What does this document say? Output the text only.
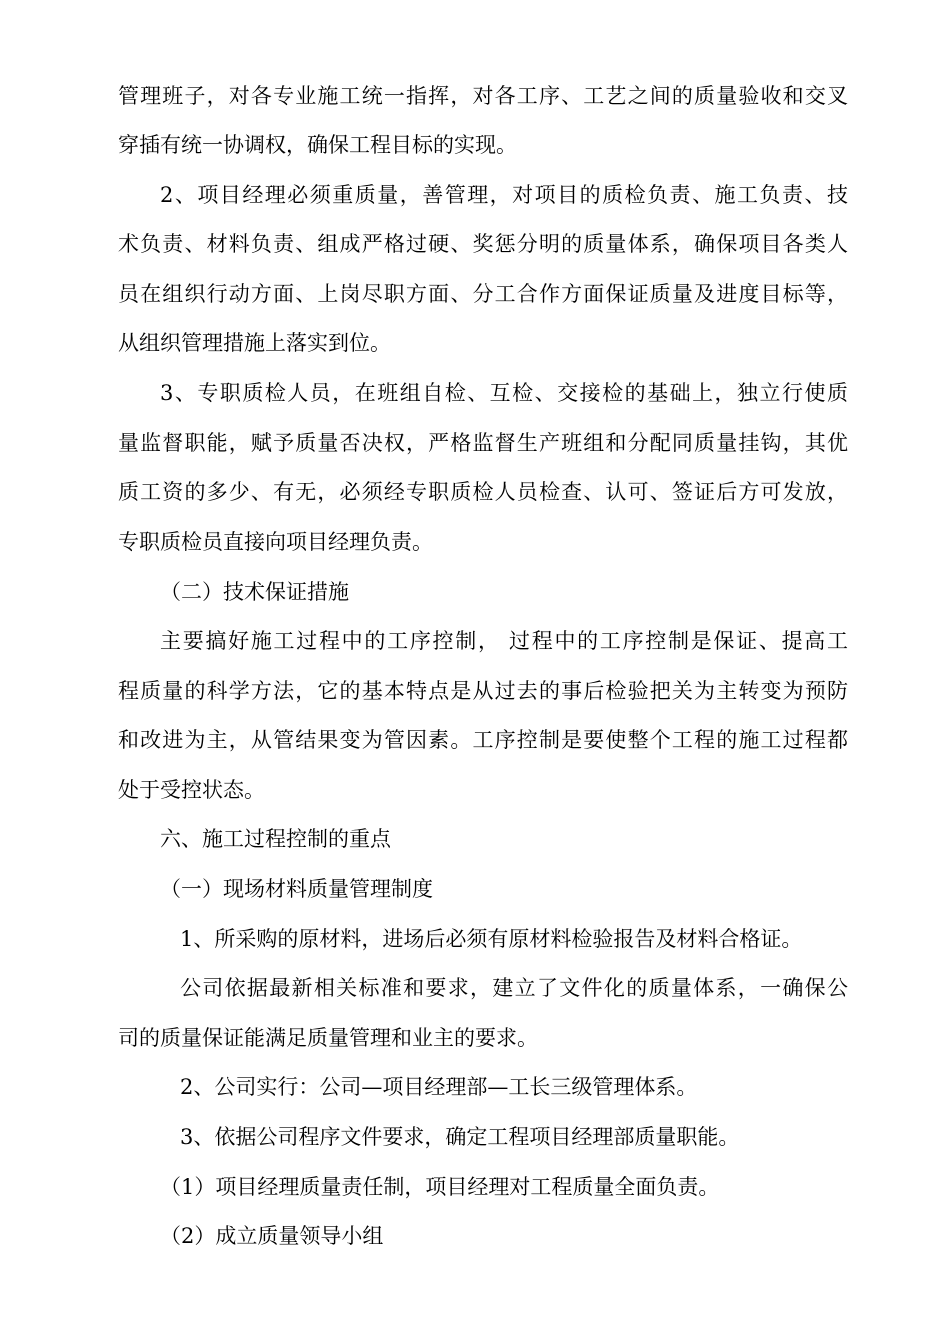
管理班子，对各专业施工统一指挥，对各工序、工艺之间的质量验收和交叉
穿插有统一协调权，确保工程目标的实现。
2、项目经理必须重质量，善管理，对项目的质检负责、施工负责、技
术负责、材料负责、组成严格过硬、奖惩分明的质量体系，确保项目各类人
员在组织行动方面、上岗尽职方面、分工合作方面保证质量及进度目标等，
从组织管理措施上落实到位。
3、专职质检人员，在班组自检、互检、交接检的基础上，独立行使质
量监督职能，赋予质量否决权，严格监督生产班组和分配同质量挂钩，其优
质工资的多少、有无，必须经专职质检人员检查、认可、签证后方可发放，
专职质检员直接向项目经理负责。
（二）技术保证措施
主要搞好施工过程中的工序控制， 过程中的工序控制是保证、提高工
程质量的科学方法，它的基本特点是从过去的事后检验把关为主转变为预防
和改进为主，从管结果变为管因素。工序控制是要使整个工程的施工过程都
处于受控状态。
六、施工过程控制的重点
（一）现场材料质量管理制度
1、所采购的原材料，进场后必须有原材料检验报告及材料合格证。
公司依据最新相关标准和要求，建立了文件化的质量体系，一确保公
司的质量保证能满足质量管理和业主的要求。
2、公司实行：公司—项目经理部—工长三级管理体系。
3、依据公司程序文件要求，确定工程项目经理部质量职能。
（1）项目经理质量责任制，项目经理对工程质量全面负责。
（2）成立质量领导小组
